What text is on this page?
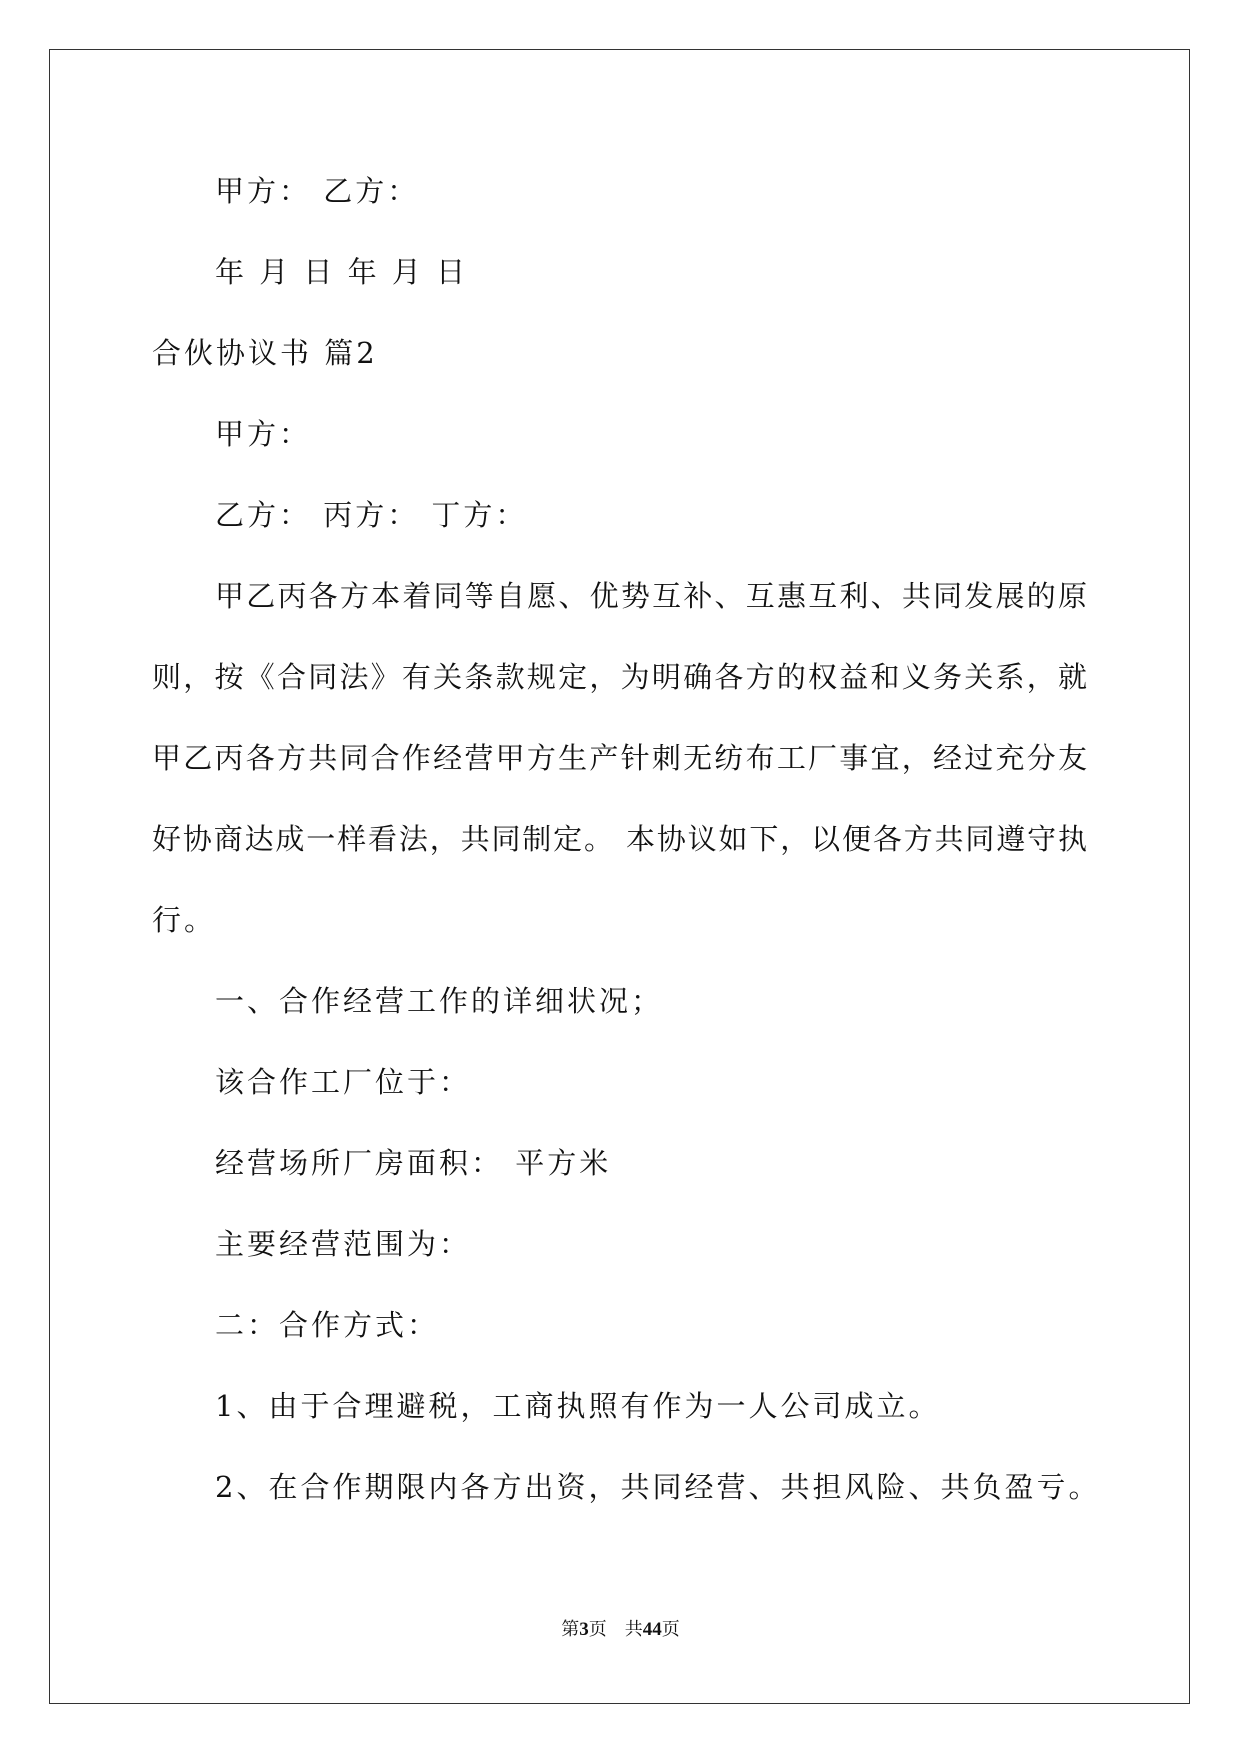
甲方： 乙方：
年 月 日 年 月 日
合伙协议书 篇2
甲方：
乙方： 丙方： 丁方：
甲乙丙各方本着同等自愿、优势互补、互惠互利、共同发展的原
则，按《合同法》有关条款规定，为明确各方的权益和义务关系，就
甲乙丙各方共同合作经营甲方生产针刺无纺布工厂事宜，经过充分友
好协商达成一样看法，共同制定。 本协议如下，以便各方共同遵守执
行。
一、合作经营工作的详细状况；
该合作工厂位于：
经营场所厂房面积： 平方米
主要经营范围为：
二：合作方式：
1、由于合理避税，工商执照有作为一人公司成立。
2、在合作期限内各方出资，共同经营、共担风险、共负盈亏。
第3页 共44页
